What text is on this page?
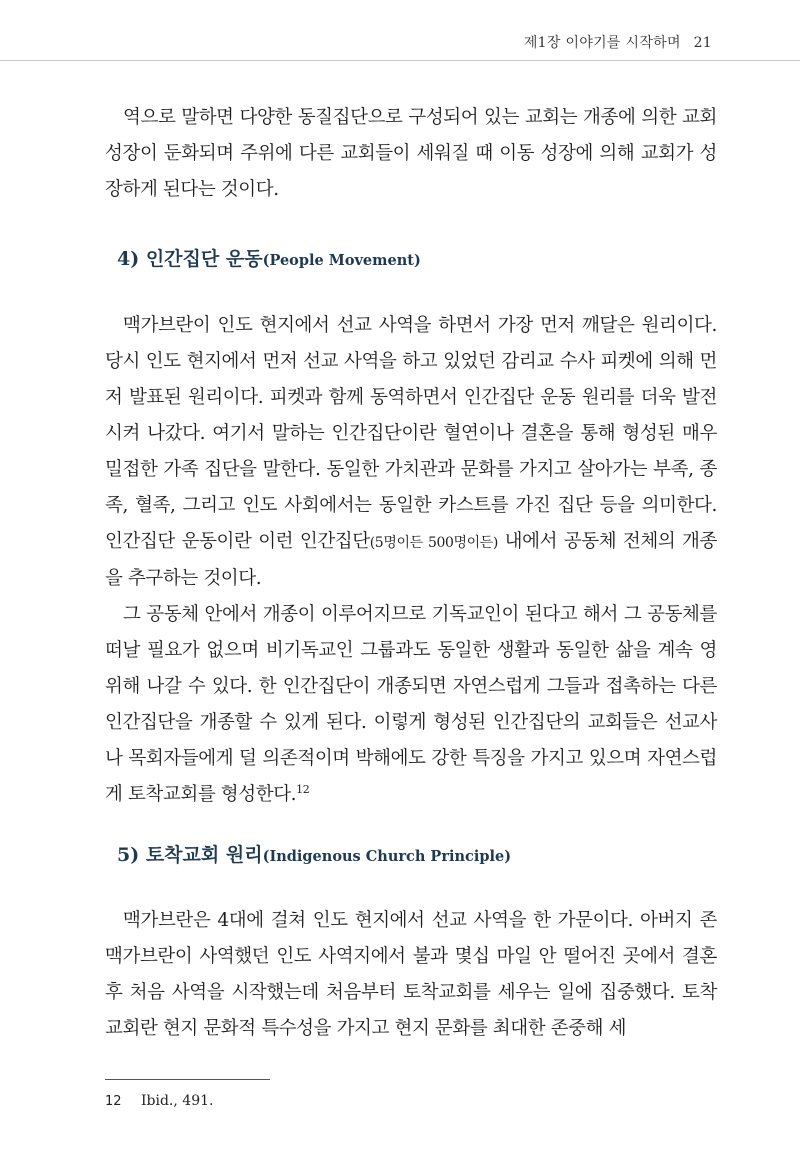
제1장 이야기를 시작하며 21

역으로 말하면 다양한 동질집단으로 구성되어 있는 교회는 개종에 의한 교회성장이 둔화되며 주위에 다른 교회들이 세워질 때 이동 성장에 의해 교회가 성장하게 된다는 것이다.

4) 인간집단 운동(People Movement)

맥가브란이 인도 현지에서 선교 사역을 하면서 가장 먼저 깨달은 원리이다. 당시 인도 현지에서 먼저 선교 사역을 하고 있었던 감리교 수사 피켓에 의해 먼저 발표된 원리이다. 피켓과 함께 동역하면서 인간집단 운동 원리를 더욱 발전시켜 나갔다. 여기서 말하는 인간집단이란 혈연이나 결혼을 통해 형성된 매우 밀접한 가족 집단을 말한다. 동일한 가치관과 문화를 가지고 살아가는 부족, 종족, 혈족, 그리고 인도 사회에서는 동일한 카스트를 가진 집단 등을 의미한다. 인간집단 운동이란 이런 인간집단(5명이든 500명이든) 내에서 공동체 전체의 개종을 추구하는 것이다.

그 공동체 안에서 개종이 이루어지므로 기독교인이 된다고 해서 그 공동체를 떠날 필요가 없으며 비기독교인 그룹과도 동일한 생활과 동일한 삶을 계속 영위해 나갈 수 있다. 한 인간집단이 개종되면 자연스럽게 그들과 접촉하는 다른 인간집단을 개종할 수 있게 된다. 이렇게 형성된 인간집단의 교회들은 선교사나 목회자들에게 덜 의존적이며 박해에도 강한 특징을 가지고 있으며 자연스럽게 토착교회를 형성한다.$^{12}$

5) 토착교회 원리(Indigenous Church Principle)

맥가브란은 4대에 걸쳐 인도 현지에서 선교 사역을 한 가문이다. 아버지 존 맥가브란이 사역했던 인도 사역지에서 불과 몇십 마일 안 떨어진 곳에서 결혼 후 처음 사역을 시작했는데 처음부터 토착교회를 세우는 일에 집중했다. 토착교회란 현지 문화적 특수성을 가지고 현지 문화를 최대한 존중해 세

12 Ibid., 491.
